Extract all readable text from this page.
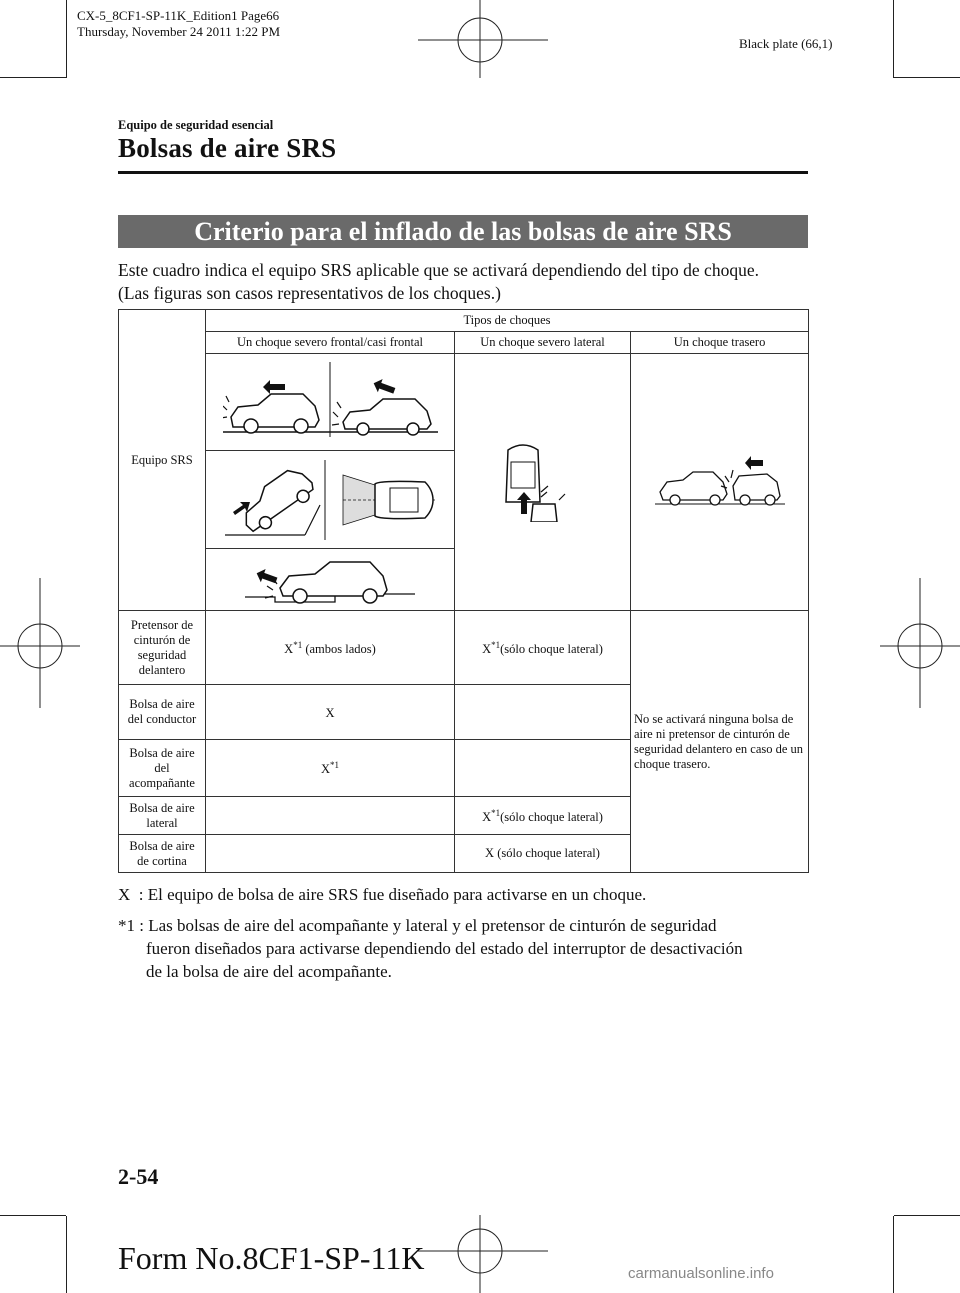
CX-5_8CF1-SP-11K_Edition1 Page66
Thursday, November 24 2011 1:22 PM
Black plate (66,1)
Equipo de seguridad esencial
Bolsas de aire SRS
Criterio para el inflado de las bolsas de aire SRS
Este cuadro indica el equipo SRS aplicable que se activará dependiendo del tipo de choque.
(Las figuras son casos representativos de los choques.)
Equipo SRS	Tipos de choques		
	Un choque severo frontal/casi frontal	Un choque severo lateral	Un choque trasero

Pretensor de cinturón de seguridad delantero	$X^{*1}$ (ambos lados)	$X^{*1}(sólo$ choque lateral)	No se activará ninguna bolsa de aire ni pretensor de cinturón de seguridad delantero en caso de un choque trasero.
Bolsa de aire del conductor	X		
Bolsa de aire del acompañante	$X^{*1}$	
Bolsa de aire lateral		$X^{*1}(sólo$ choque lateral)	
Bolsa de aire de cortina		X (sólo choque lateral)	
X : El equipo de bolsa de aire SRS fue diseñado para activarse en un choque.
*1 : Las bolsas de aire del acompañante y lateral y el pretensor de cinturón de seguridad
fueron diseñados para activarse dependiendo del estado del interruptor de desactivación
de la bolsa de aire del acompañante.
2-54
Form No.8CF1-SP-11K	carmanualsonline.info
